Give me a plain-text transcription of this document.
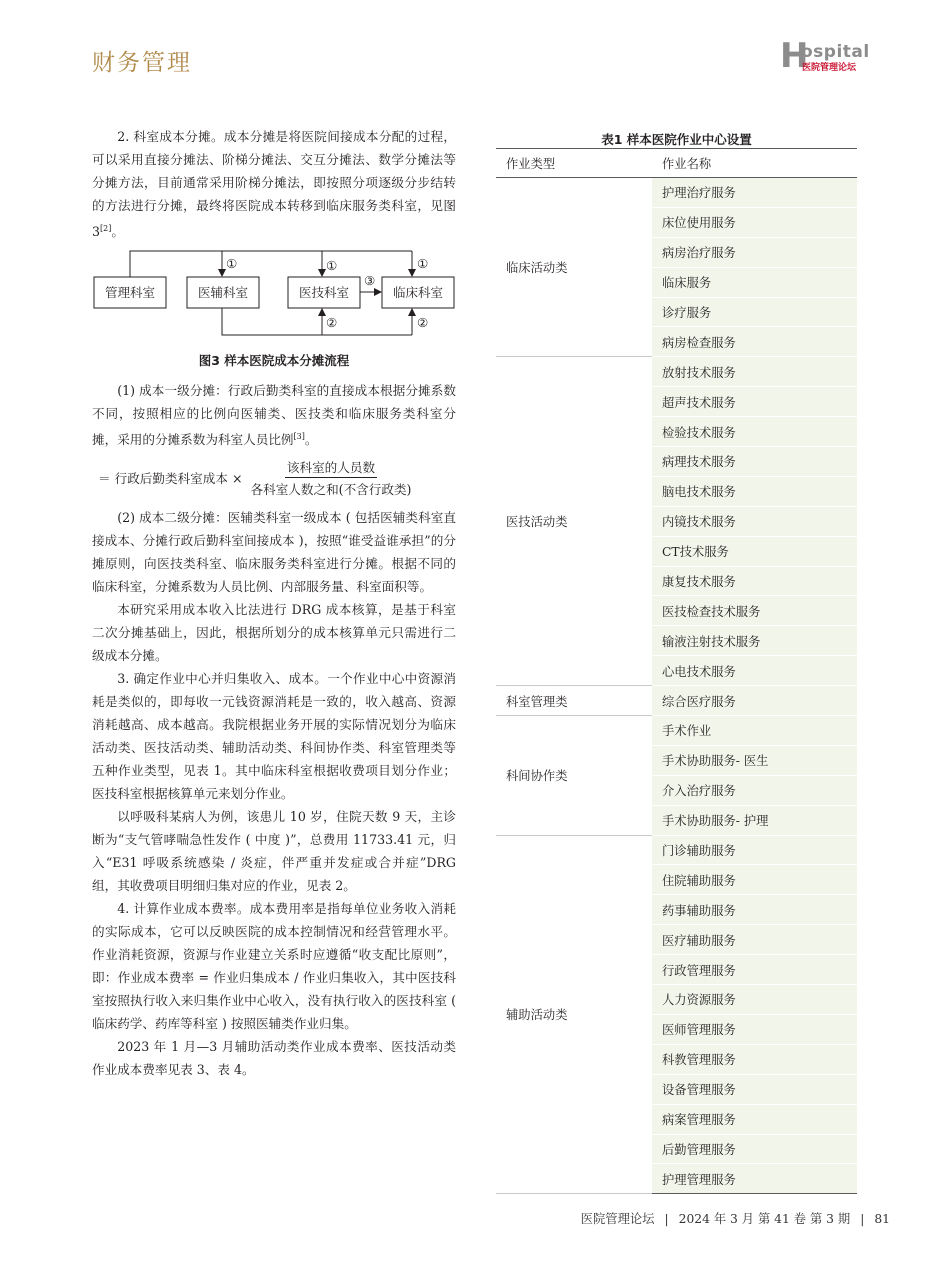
财务管理	H
ospital
医院管理论坛

2. 科室成本分摊。成本分摊是将医院间接成本分配的过程，可以采用直接分摊法、阶梯分摊法、交互分摊法、数学分摊法等分摊方法，目前通常采用阶梯分摊法，即按照分项逐级分步结转的方法进行分摊，最终将医院成本转移到临床服务类科室，见图 3[2]。

管理科室	医辅科室	医技科室	临床科室
①	①	①
③
②	②
图3 样本医院成本分摊流程

(1) 成本一级分摊：行政后勤类科室的直接成本根据分摊系数不同，按照相应的比例向医辅类、医技类和临床服务类科室分摊，采用的分摊系数为科室人员比例[3]。

＝ 行政后勤类科室成本 × $\frac{\text{该科室的人员数}}{\text{各科室人数之和(不含行政类)}}$

(2) 成本二级分摊：医辅类科室一级成本 ( 包括医辅类科室直接成本、分摊行政后勤科室间接成本 )，按照“谁受益谁承担”的分摊原则，向医技类科室、临床服务类科室进行分摊。根据不同的临床科室，分摊系数为人员比例、内部服务量、科室面积等。

本研究采用成本收入比法进行 DRG 成本核算，是基于科室二次分摊基础上，因此，根据所划分的成本核算单元只需进行二级成本分摊。

3. 确定作业中心并归集收入、成本。一个作业中心中资源消耗是类似的，即每收一元钱资源消耗是一致的，收入越高、资源消耗越高、成本越高。我院根据业务开展的实际情况划分为临床活动类、医技活动类、辅助活动类、科间协作类、科室管理类等五种作业类型，见表 1。其中临床科室根据收费项目划分作业；医技科室根据核算单元来划分作业。

以呼吸科某病人为例，该患儿 10 岁，住院天数 9 天，主诊断为“支气管哮喘急性发作 ( 中度 )”，总费用 11733.41 元，归入“E31 呼吸系统感染 / 炎症，伴严重并发症或合并症”DRG 组，其收费项目明细归集对应的作业，见表 2。

4. 计算作业成本费率。成本费用率是指每单位业务收入消耗的实际成本，它可以反映医院的成本控制情况和经营管理水平。作业消耗资源，资源与作业建立关系时应遵循“收支配比原则”，即：作业成本费率 = 作业归集成本 / 作业归集收入，其中医技科室按照执行收入来归集作业中心收入，没有执行收入的医技科室 ( 临床药学、药库等科室 ) 按照医辅类作业归集。

2023 年 1 月—3 月辅助活动类作业成本费率、医技活动类作业成本费率见表 3、表 4。

表1 样本医院作业中心设置
作业类型	作业名称
临床活动类	护理治疗服务
	床位使用服务
	病房治疗服务
	临床服务
	诊疗服务
	病房检查服务
医技活动类	放射技术服务
	超声技术服务
	检验技术服务
	病理技术服务
	脑电技术服务
	内镜技术服务
	CT技术服务
	康复技术服务
	医技检查技术服务
	输液注射技术服务
	心电技术服务
科室管理类	综合医疗服务
科间协作类	手术作业
	手术协助服务- 医生
	介入治疗服务
	手术协助服务- 护理
辅助活动类	门诊辅助服务
	住院辅助服务
	药事辅助服务
	医疗辅助服务
	行政管理服务
	人力资源服务
	医师管理服务
	科教管理服务
	设备管理服务
	病案管理服务
	后勤管理服务
	护理管理服务
医院管理论坛 | 2024 年 3 月 第 41 卷 第 3 期 | 81
